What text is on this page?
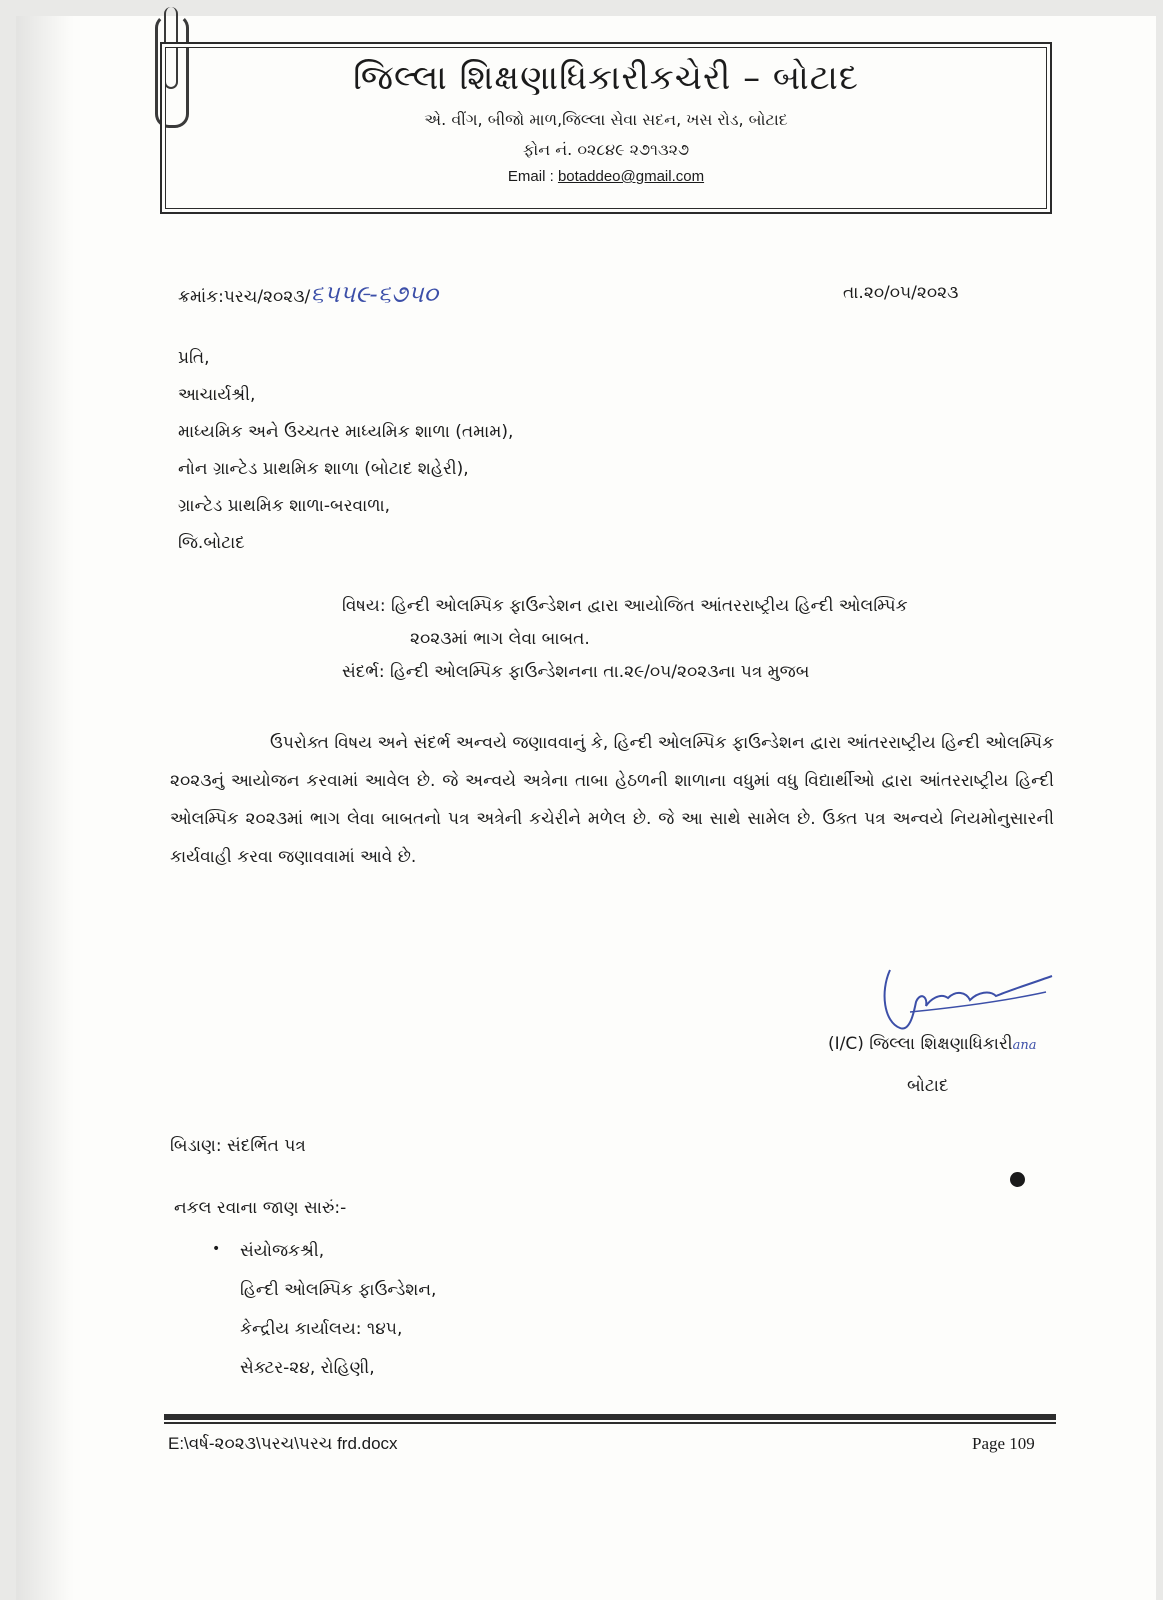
જિલ્લા શિક્ષણાધિકારીકચેરી – બોટાદ
એ. વીંગ, બીજો માળ,જિલ્લા સેવા સદન, ખસ રોડ, બોટાદ
ફોન નં. ૦૨૮૪૯ ૨૭૧૩૨૭
Email : botaddeo@gmail.com
ક્રમાંક:પરચ/૨૦૨૩/૬૫૫૯-૬૭૫૦	તા.૨૦/૦૫/૨૦૨૩
પ્રતિ,
આચાર્યશ્રી,
માધ્યમિક અને ઉચ્ચતર માધ્યમિક શાળા (તમામ),
નોન ગ્રાન્ટેડ પ્રાથમિક શાળા (બોટાદ શહેરી),
ગ્રાન્ટેડ પ્રાથમિક શાળા-બરવાળા,
જિ.બોટાદ
વિષય: હિન્દી ઓલમ્પિક ફાઉન્ડેશન દ્વારા આયોજિત આંતરરાષ્ટ્રીય હિન્દી ઓલમ્પિક
૨૦૨૩માં ભાગ લેવા બાબત.
સંદર્ભ: હિન્દી ઓલમ્પિક ફાઉન્ડેશનના તા.૨૯/૦૫/૨૦૨૩ના પત્ર મુજબ
ઉપરોક્ત વિષય અને સંદર્ભ અન્વયે જણાવવાનું કે, હિન્દી ઓલમ્પિક ફાઉન્ડેશન દ્વારા આંતરરાષ્ટ્રીય હિન્દી ઓલમ્પિક ૨૦૨૩નું આયોજન કરવામાં આવેલ છે. જે અન્વયે અત્રેના તાબા હેઠળની શાળાના વધુમાં વધુ વિદ્યાર્થીઓ દ્વારા આંતરરાષ્ટ્રીય હિન્દી ઓલમ્પિક ૨૦૨૩માં ભાગ લેવા બાબતનો પત્ર અત્રેની કચેરીને મળેલ છે. જે આ સાથે સામેલ છે. ઉક્ત પત્ર અન્વયે નિયમોનુસારની કાર્યવાહી કરવા જણાવવામાં આવે છે.
(I/C) જિલ્લા શિક્ષણાધિકારીana
બોટાદ
બિડાણ: સંદર્ભિત પત્ર
નકલ રવાના જાણ સારું:-
• સંયોજકશ્રી,
હિન્દી ઓલમ્પિક ફાઉન્ડેશન,
કેન્દ્રીય કાર્યાલય: ૧૪૫,
સેક્ટર-૨૪, રોહિણી,
E:\વર્ષ-૨૦૨૩\પરચ\પરચ frd.docx	Page 109
